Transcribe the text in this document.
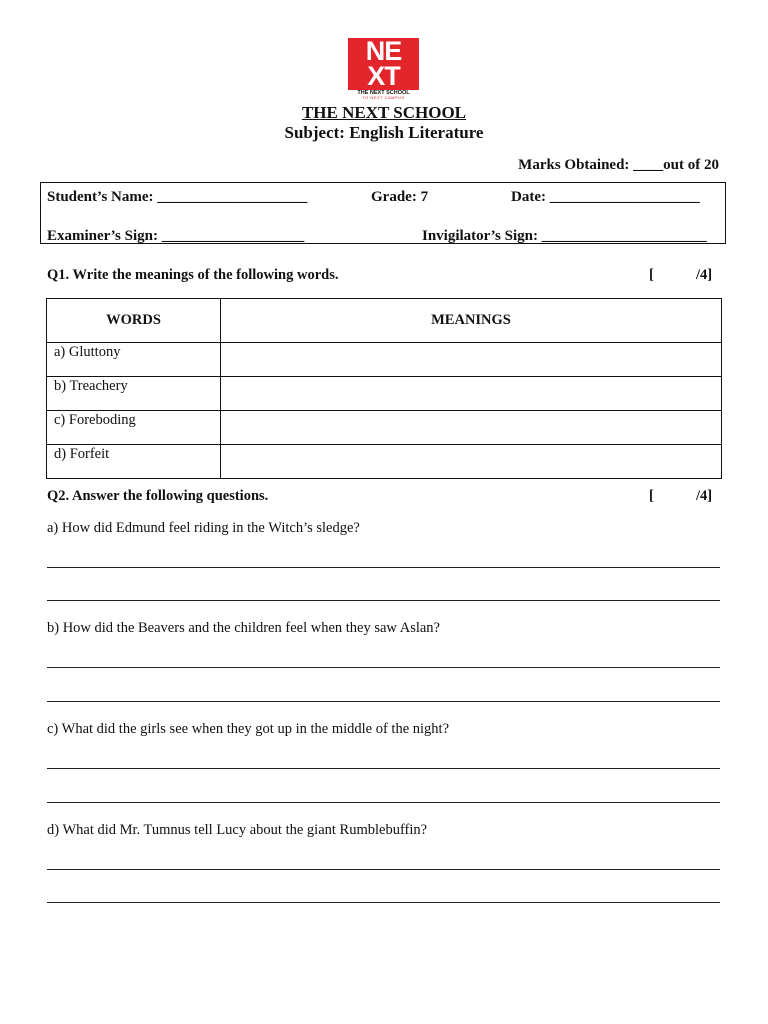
NE
XT
THE NEXT SCHOOL
TO NEXT CAMPUS
THE NEXT SCHOOL
Subject: English Literature
Marks Obtained: ____out of 20
Student’s Name: ____________________	Grade: 7	Date: ____________________
Examiner’s Sign: ___________________	Invigilator’s Sign: ______________________
Q1. Write the meanings of the following words.	[	/4]
WORDS	MEANINGS
a) Gluttony	
b) Treachery	
c) Foreboding	
d) Forfeit	
Q2. Answer the following questions.	[	/4]
a) How did Edmund feel riding in the Witch’s sledge?
b) How did the Beavers and the children feel when they saw Aslan?
c) What did the girls see when they got up in the middle of the night?
d) What did Mr. Tumnus tell Lucy about the giant Rumblebuffin?
